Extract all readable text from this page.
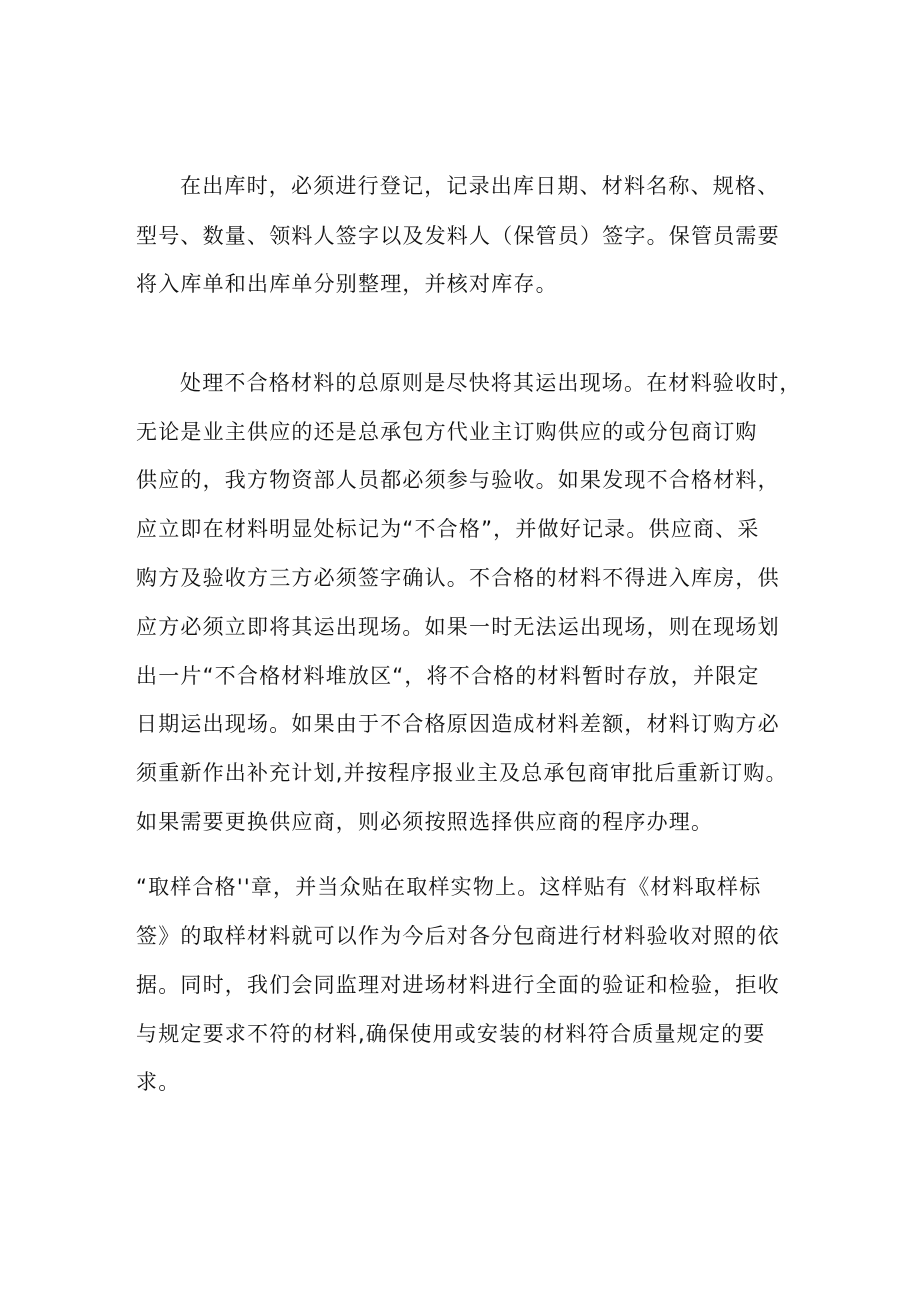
在出库时，必须进行登记，记录出库日期、材料名称、规格、

型号、数量、领料人签字以及发料人（保管员）签字。保管员需要

将入库单和出库单分别整理，并核对库存。

处理不合格材料的总原则是尽快将其运出现场。在材料验收时，

无论是业主供应的还是总承包方代业主订购供应的或分包商订购

供应的，我方物资部人员都必须参与验收。如果发现不合格材料，

应立即在材料明显处标记为“不合格”，并做好记录。供应商、采

购方及验收方三方必须签字确认。不合格的材料不得进入库房，供

应方必须立即将其运出现场。如果一时无法运出现场，则在现场划

出一片“不合格材料堆放区“，将不合格的材料暂时存放，并限定

日期运出现场。如果由于不合格原因造成材料差额，材料订购方必

须重新作出补充计划,并按程序报业主及总承包商审批后重新订购。

如果需要更换供应商，则必须按照选择供应商的程序办理。

“取样合格''章，并当众贴在取样实物上。这样贴有《材料取样标

签》的取样材料就可以作为今后对各分包商进行材料验收对照的依

据。同时，我们会同监理对进场材料进行全面的验证和检验，拒收

与规定要求不符的材料,确保使用或安装的材料符合质量规定的要

求。
